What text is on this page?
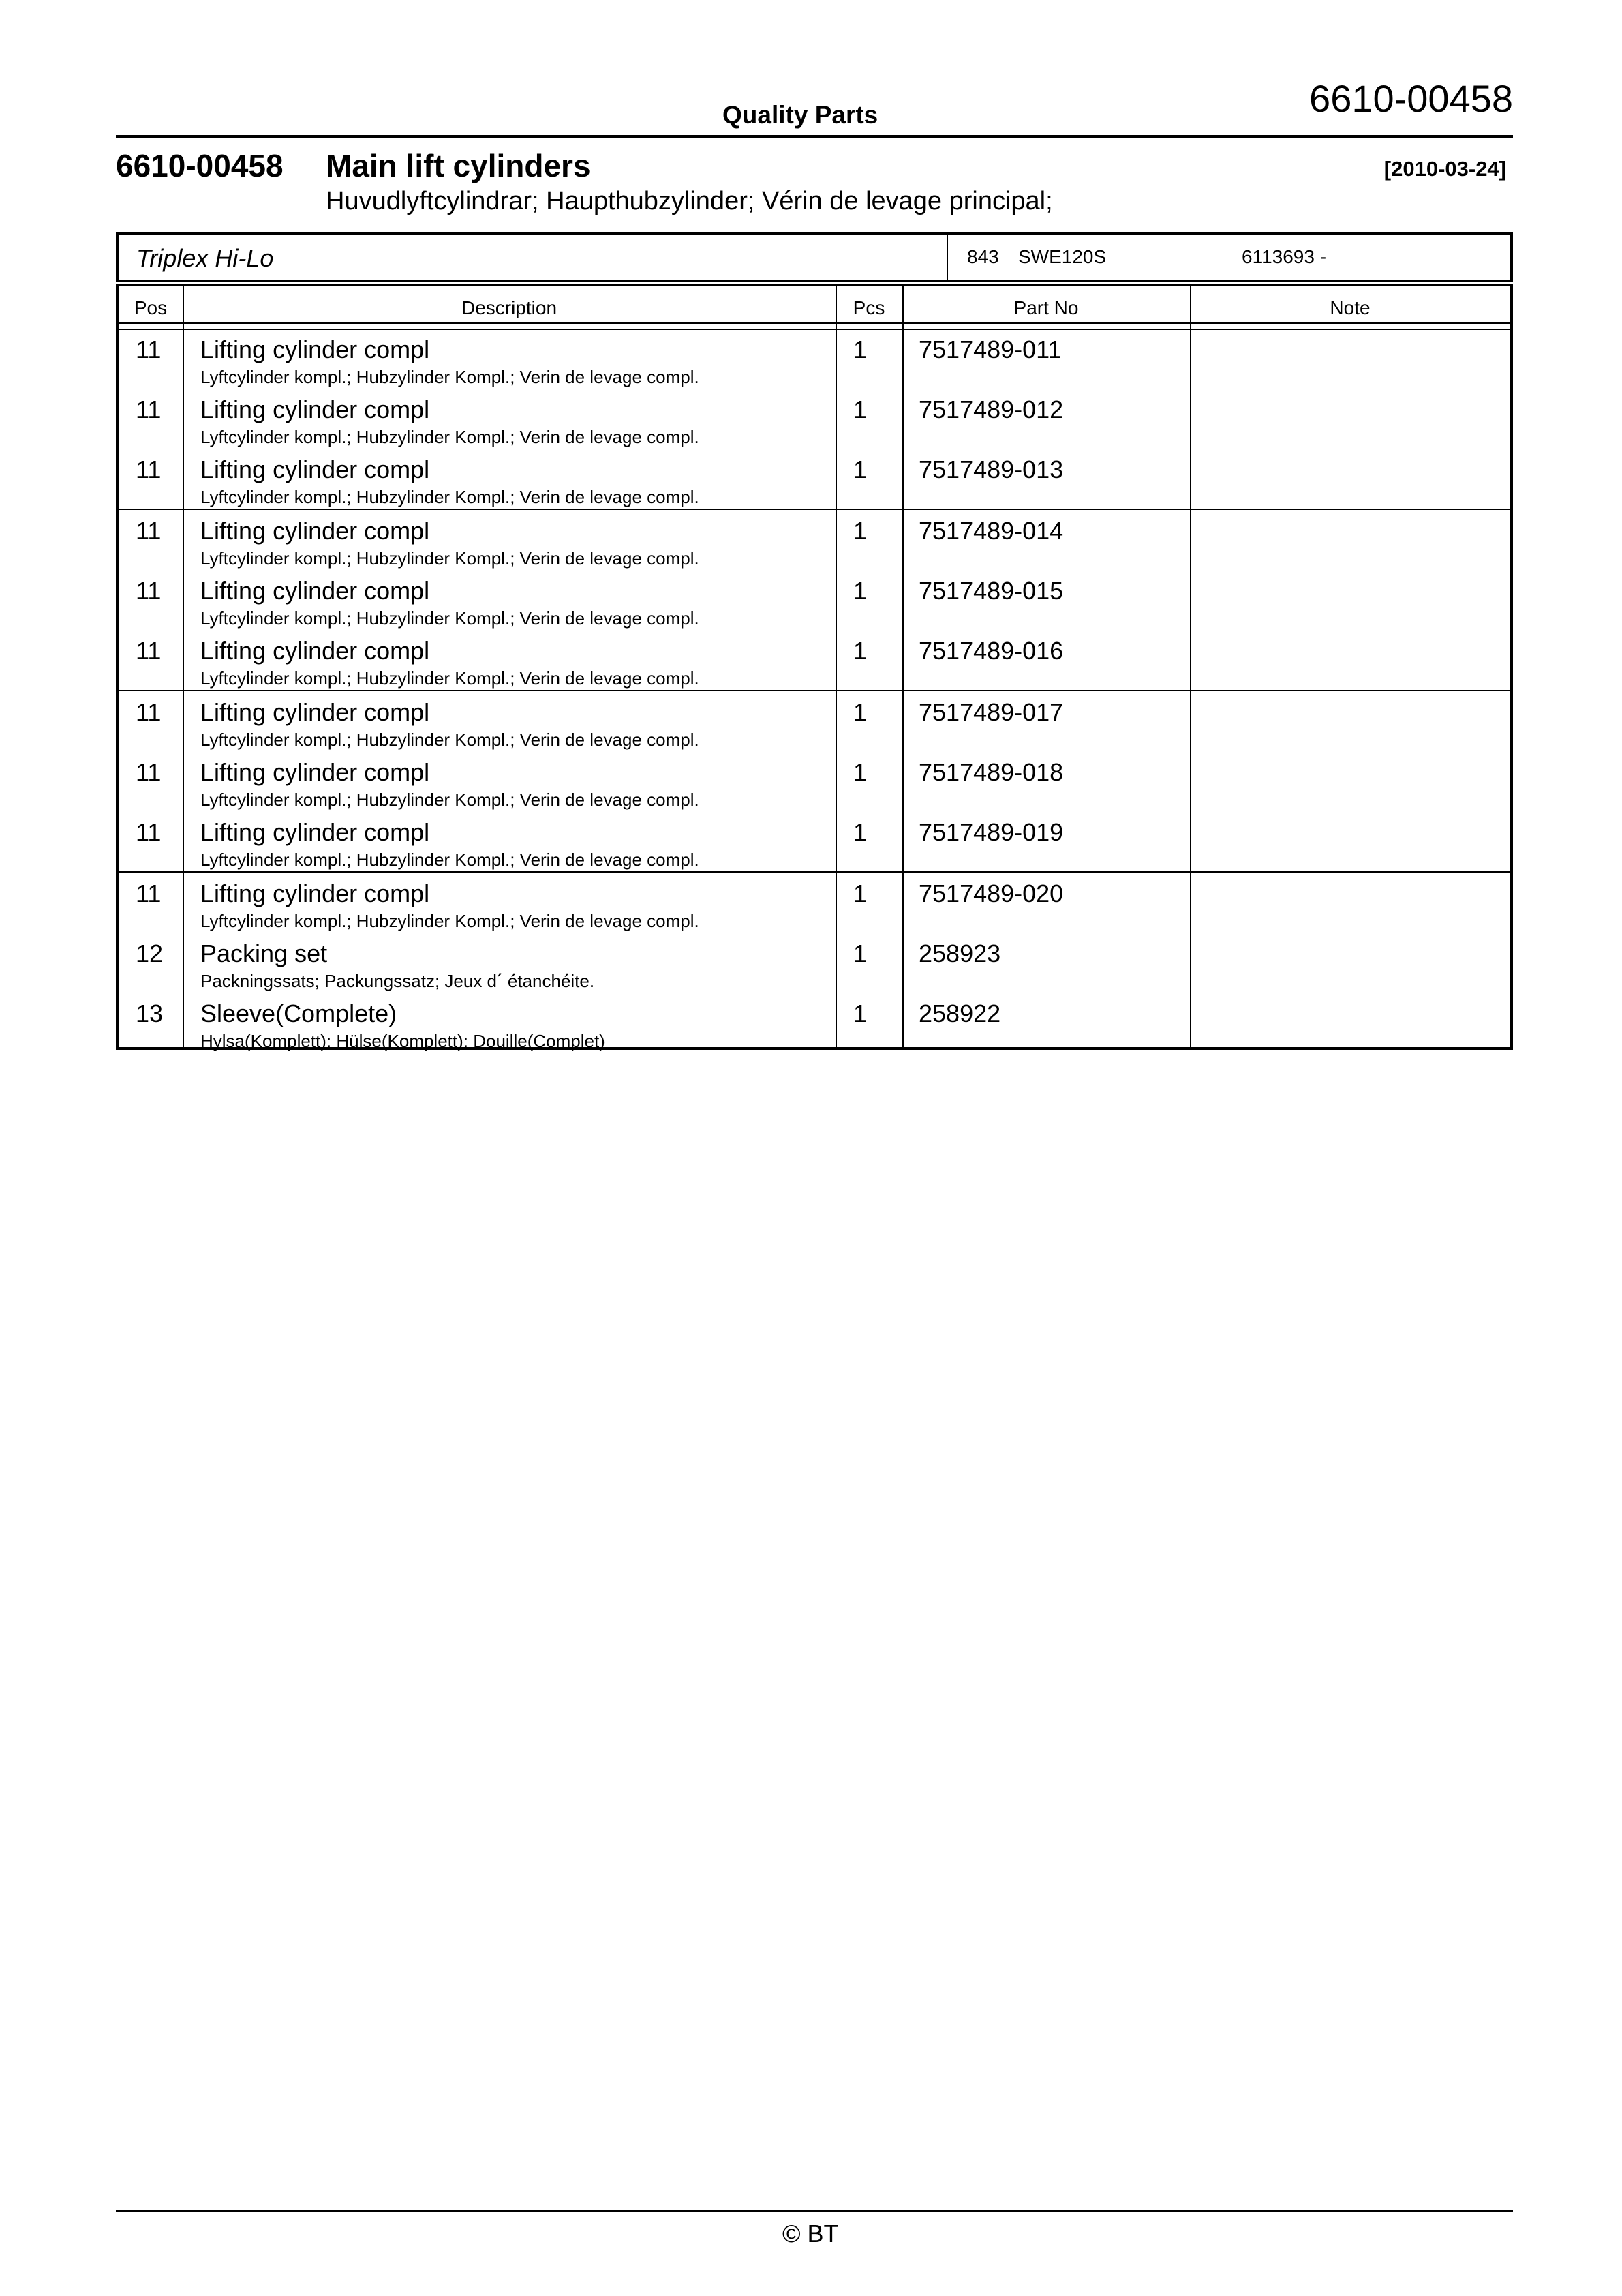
Quality Parts	6610-00458
6610-00458 Main lift cylinders	[2010-03-24]
Huvudlyftcylindrar; Haupthubzylinder; Vérin de levage principal;
Triplex Hi-Lo	843 SWE120S	6113693 -
Pos	Description	Pcs	Part No	Note
11 Lifting cylinder compl
Lyftcylinder kompl.; Hubzylinder Kompl.; Verin de levage compl.
1 7517489-011
11 Lifting cylinder compl
Lyftcylinder kompl.; Hubzylinder Kompl.; Verin de levage compl.
1 7517489-012
11 Lifting cylinder compl
Lyftcylinder kompl.; Hubzylinder Kompl.; Verin de levage compl.
1 7517489-013
11 Lifting cylinder compl
Lyftcylinder kompl.; Hubzylinder Kompl.; Verin de levage compl.
1 7517489-014
11 Lifting cylinder compl
Lyftcylinder kompl.; Hubzylinder Kompl.; Verin de levage compl.
1 7517489-015
11 Lifting cylinder compl
Lyftcylinder kompl.; Hubzylinder Kompl.; Verin de levage compl.
1 7517489-016
11 Lifting cylinder compl
Lyftcylinder kompl.; Hubzylinder Kompl.; Verin de levage compl.
1 7517489-017
11 Lifting cylinder compl
Lyftcylinder kompl.; Hubzylinder Kompl.; Verin de levage compl.
1 7517489-018
11 Lifting cylinder compl
Lyftcylinder kompl.; Hubzylinder Kompl.; Verin de levage compl.
1 7517489-019
11 Lifting cylinder compl
Lyftcylinder kompl.; Hubzylinder Kompl.; Verin de levage compl.
1 7517489-020
12 Packing set
Packningssats; Packungssatz; Jeux d´ étanchéite.
1 258923
13 Sleeve(Complete)
Hylsa(Komplett); Hülse(Komplett); Douille(Complet)
1 258922
© BT
